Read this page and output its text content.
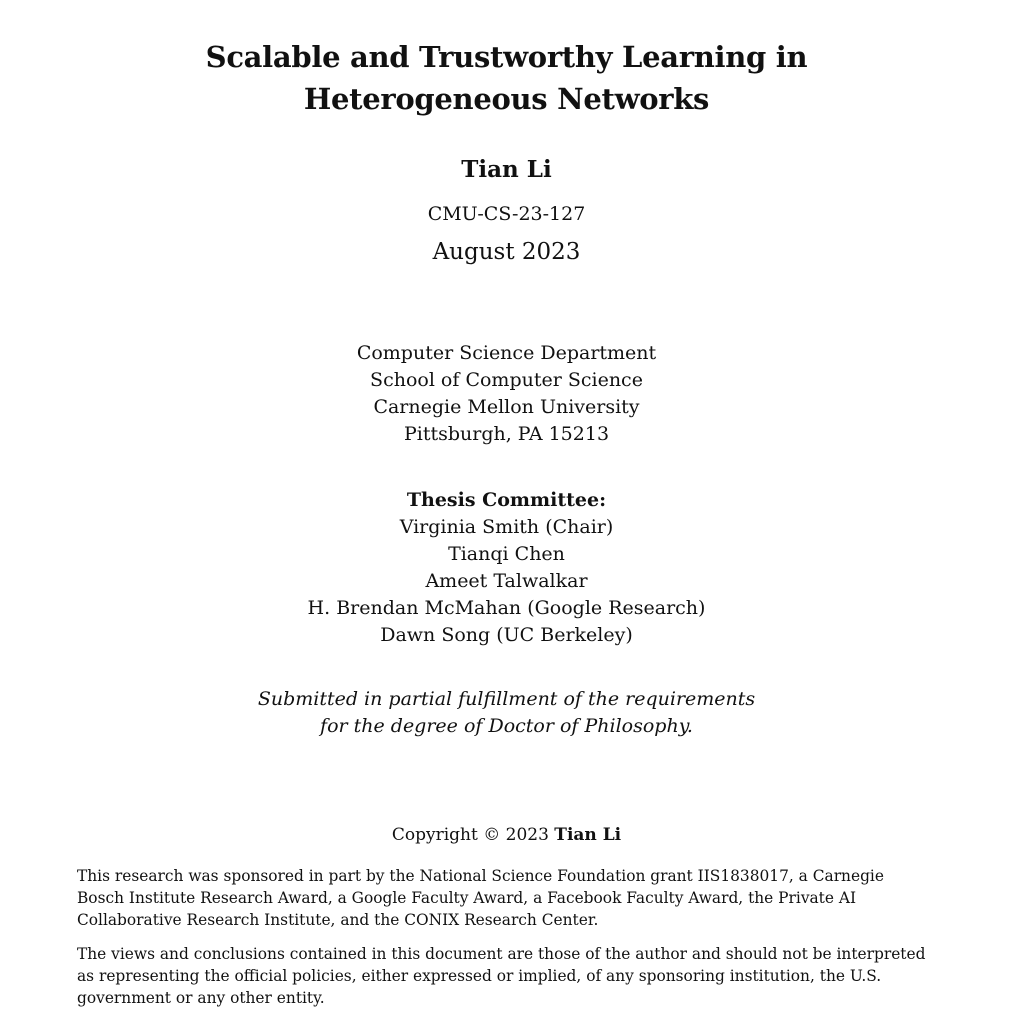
Scalable and Trustworthy Learning in
Heterogeneous Networks
Tian Li
CMU-CS-23-127
August 2023
Computer Science Department
School of Computer Science
Carnegie Mellon University
Pittsburgh, PA 15213
Thesis Committee:
Virginia Smith (Chair)
Tianqi Chen
Ameet Talwalkar
H. Brendan McMahan (Google Research)
Dawn Song (UC Berkeley)
Submitted in partial fulfillment of the requirements
for the degree of Doctor of Philosophy.
Copyright © 2023 Tian Li
This research was sponsored in part by the National Science Foundation grant IIS1838017, a Carnegie
Bosch Institute Research Award, a Google Faculty Award, a Facebook Faculty Award, the Private AI
Collaborative Research Institute, and the CONIX Research Center.
The views and conclusions contained in this document are those of the author and should not be interpreted
as representing the official policies, either expressed or implied, of any sponsoring institution, the U.S.
government or any other entity.
